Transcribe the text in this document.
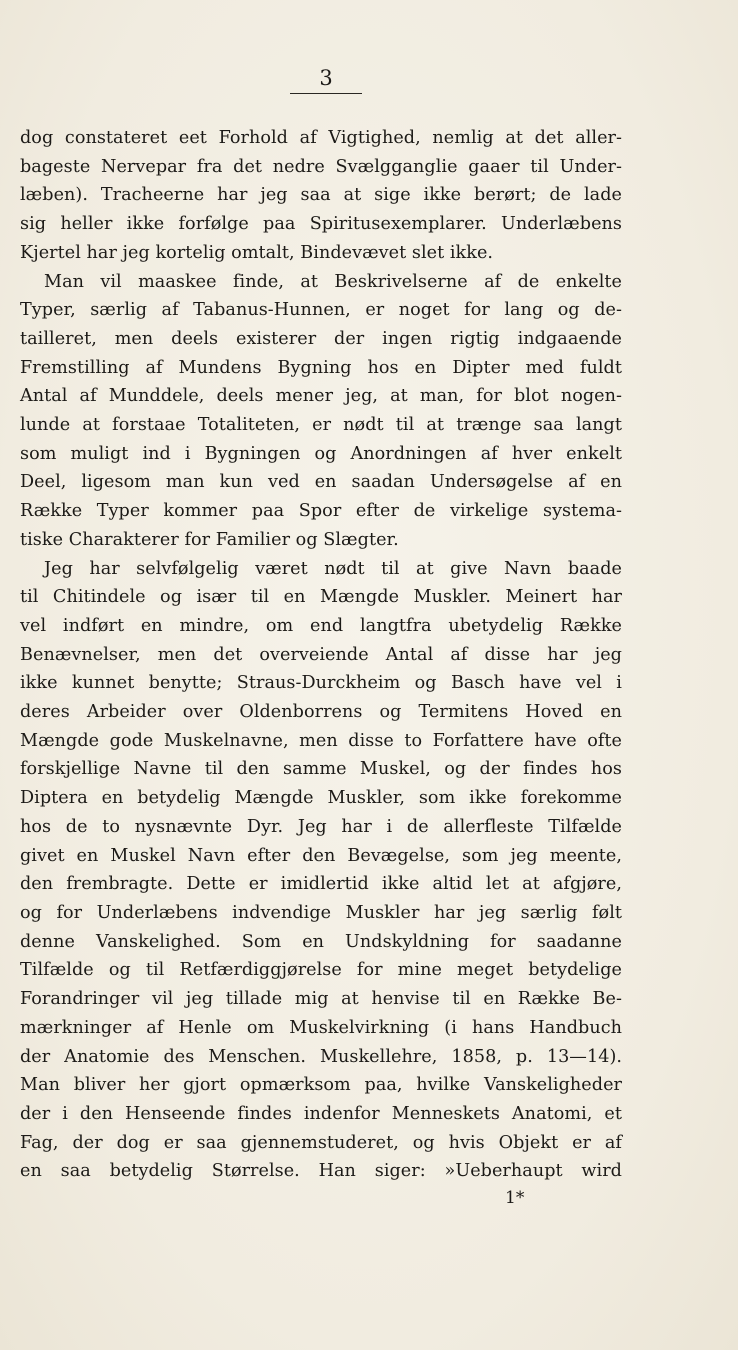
3
dog constateret eet Forhold af Vigtighed, nemlig at det aller-
bageste Nervepar fra det nedre Svælgganglie gaaer til Under-
læben). Tracheerne har jeg saa at sige ikke berørt; de lade
sig heller ikke forfølge paa Spiritusexemplarer. Underlæbens
Kjertel har jeg kortelig omtalt, Bindevævet slet ikke.
Man vil maaskee finde, at Beskrivelserne af de enkelte
Typer, særlig af Tabanus-Hunnen, er noget for lang og de-
tailleret, men deels existerer der ingen rigtig indgaaende
Fremstilling af Mundens Bygning hos en Dipter med fuldt
Antal af Munddele, deels mener jeg, at man, for blot nogen-
lunde at forstaae Totaliteten, er nødt til at trænge saa langt
som muligt ind i Bygningen og Anordningen af hver enkelt
Deel, ligesom man kun ved en saadan Undersøgelse af en
Række Typer kommer paa Spor efter de virkelige systema-
tiske Charakterer for Familier og Slægter.
Jeg har selvfølgelig været nødt til at give Navn baade
til Chitindele og især til en Mængde Muskler. Meinert har
vel indført en mindre, om end langtfra ubetydelig Række
Benævnelser, men det overveiende Antal af disse har jeg
ikke kunnet benytte; Straus-Durckheim og Basch have vel i
deres Arbeider over Oldenborrens og Termitens Hoved en
Mængde gode Muskelnavne, men disse to Forfattere have ofte
forskjellige Navne til den samme Muskel, og der findes hos
Diptera en betydelig Mængde Muskler, som ikke forekomme
hos de to nysnævnte Dyr. Jeg har i de allerfleste Tilfælde
givet en Muskel Navn efter den Bevægelse, som jeg meente,
den frembragte. Dette er imidlertid ikke altid let at afgjøre,
og for Underlæbens indvendige Muskler har jeg særlig følt
denne Vanskelighed. Som en Undskyldning for saadanne
Tilfælde og til Retfærdiggjørelse for mine meget betydelige
Forandringer vil jeg tillade mig at henvise til en Række Be-
mærkninger af Henle om Muskelvirkning (i hans Handbuch
der Anatomie des Menschen. Muskellehre, 1858, p. 13—14).
Man bliver her gjort opmærksom paa, hvilke Vanskeligheder
der i den Henseende findes indenfor Menneskets Anatomi, et
Fag, der dog er saa gjennemstuderet, og hvis Objekt er af
en saa betydelig Størrelse. Han siger: »Ueberhaupt wird
1*
